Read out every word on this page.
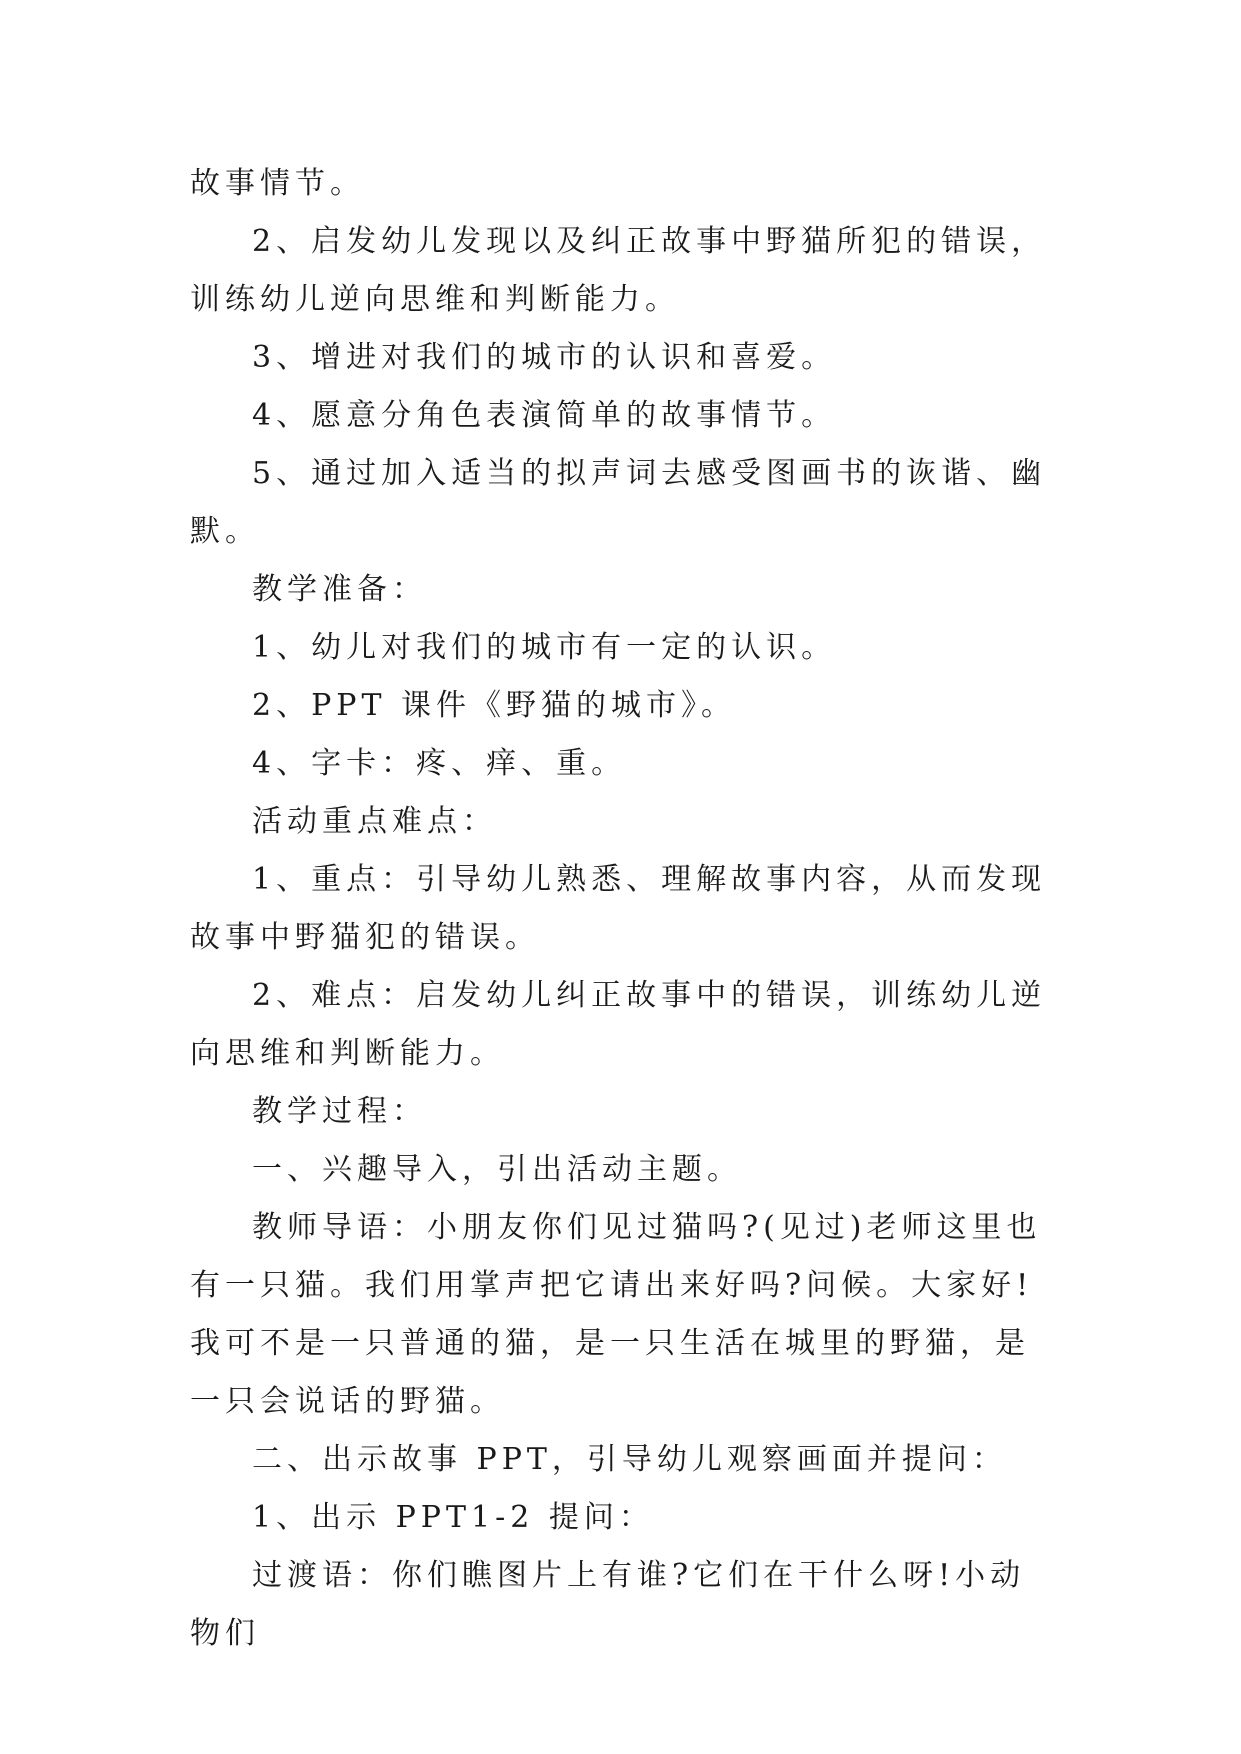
故事情节。

2、启发幼儿发现以及纠正故事中野猫所犯的错误，训练幼儿逆向思维和判断能力。

3、增进对我们的城市的认识和喜爱。

4、愿意分角色表演简单的故事情节。

5、通过加入适当的拟声词去感受图画书的诙谐、幽默。

教学准备：

1、幼儿对我们的城市有一定的认识。

2、PPT 课件《野猫的城市》。

4、字卡：疼、痒、重。

活动重点难点：

1、重点：引导幼儿熟悉、理解故事内容，从而发现故事中野猫犯的错误。

2、难点：启发幼儿纠正故事中的错误，训练幼儿逆向思维和判断能力。

教学过程：

一、兴趣导入，引出活动主题。

教师导语：小朋友你们见过猫吗?(见过)老师这里也有一只猫。我们用掌声把它请出来好吗?问候。大家好!我可不是一只普通的猫，是一只生活在城里的野猫，是一只会说话的野猫。

二、出示故事 PPT，引导幼儿观察画面并提问：

1、出示 PPT1-2 提问：

过渡语：你们瞧图片上有谁?它们在干什么呀!小动物们
